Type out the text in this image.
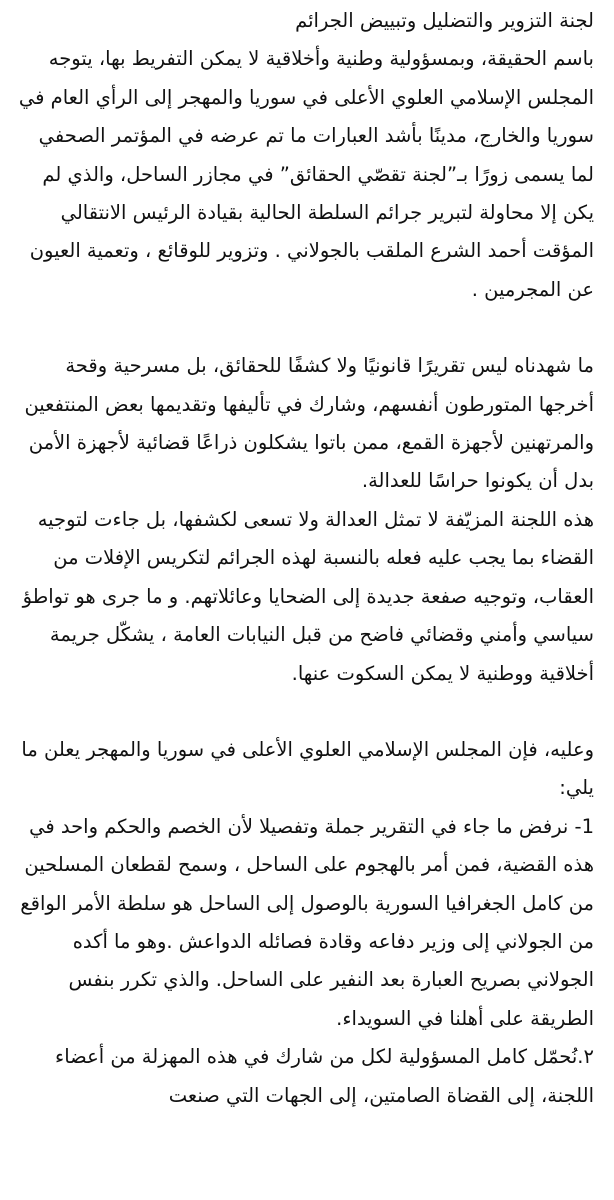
لجنة التزوير والتضليل وتبييض الجرائم

باسم الحقيقة، وبمسؤولية وطنية وأخلاقية لا يمكن التفريط بها، يتوجه المجلس الإسلامي العلوي الأعلى في سوريا والمهجر إلى الرأي العام في سوريا والخارج، مدينًا بأشد العبارات ما تم عرضه في المؤتمر الصحفي لما يسمى زورًا بـ”لجنة تقصّي الحقائق” في مجازر الساحل، والذي لم يكن إلا محاولة لتبرير جرائم السلطة الحالية بقيادة الرئيس الانتقالي المؤقت أحمد الشرع الملقب بالجولاني . وتزوير للوقائع ، وتعمية العيون عن المجرمين .

ما شهدناه ليس تقريرًا قانونيًا ولا كشفًا للحقائق، بل مسرحية وقحة أخرجها المتورطون أنفسهم، وشارك في تأليفها وتقديمها بعض المنتفعين والمرتهنين لأجهزة القمع، ممن باتوا يشكلون ذراعًا قضائية لأجهزة الأمن بدل أن يكونوا حراسًا للعدالة.

هذه اللجنة المزيّفة لا تمثل العدالة ولا تسعى لكشفها، بل جاءت لتوجيه القضاء بما يجب عليه فعله بالنسبة لهذه الجرائم لتكريس الإفلات من العقاب، وتوجيه صفعة جديدة إلى الضحايا وعائلاتهم. و ما جرى هو تواطؤ سياسي وأمني وقضائي فاضح من قبل النيابات العامة ، يشكّل جريمة أخلاقية ووطنية لا يمكن السكوت عنها.

وعليه، فإن المجلس الإسلامي العلوي الأعلى في سوريا والمهجر يعلن ما يلي:

1- نرفض ما جاء في التقرير جملة وتفصيلا لأن الخصم والحكم واحد في هذه القضية، فمن أمر بالهجوم على الساحل ، وسمح لقطعان المسلحين من كامل الجغرافيا السورية بالوصول إلى الساحل هو سلطة الأمر الواقع من الجولاني إلى وزير دفاعه وقادة فصائله الدواعش .وهو ما أكده الجولاني بصريح العبارة بعد النفير على الساحل. والذي تكرر بنفس الطريقة على أهلنا في السويداء.

٢.نُحمّل كامل المسؤولية لكل من شارك في هذه المهزلة من أعضاء اللجنة، إلى القضاة الصامتين، إلى الجهات التي صنعت
